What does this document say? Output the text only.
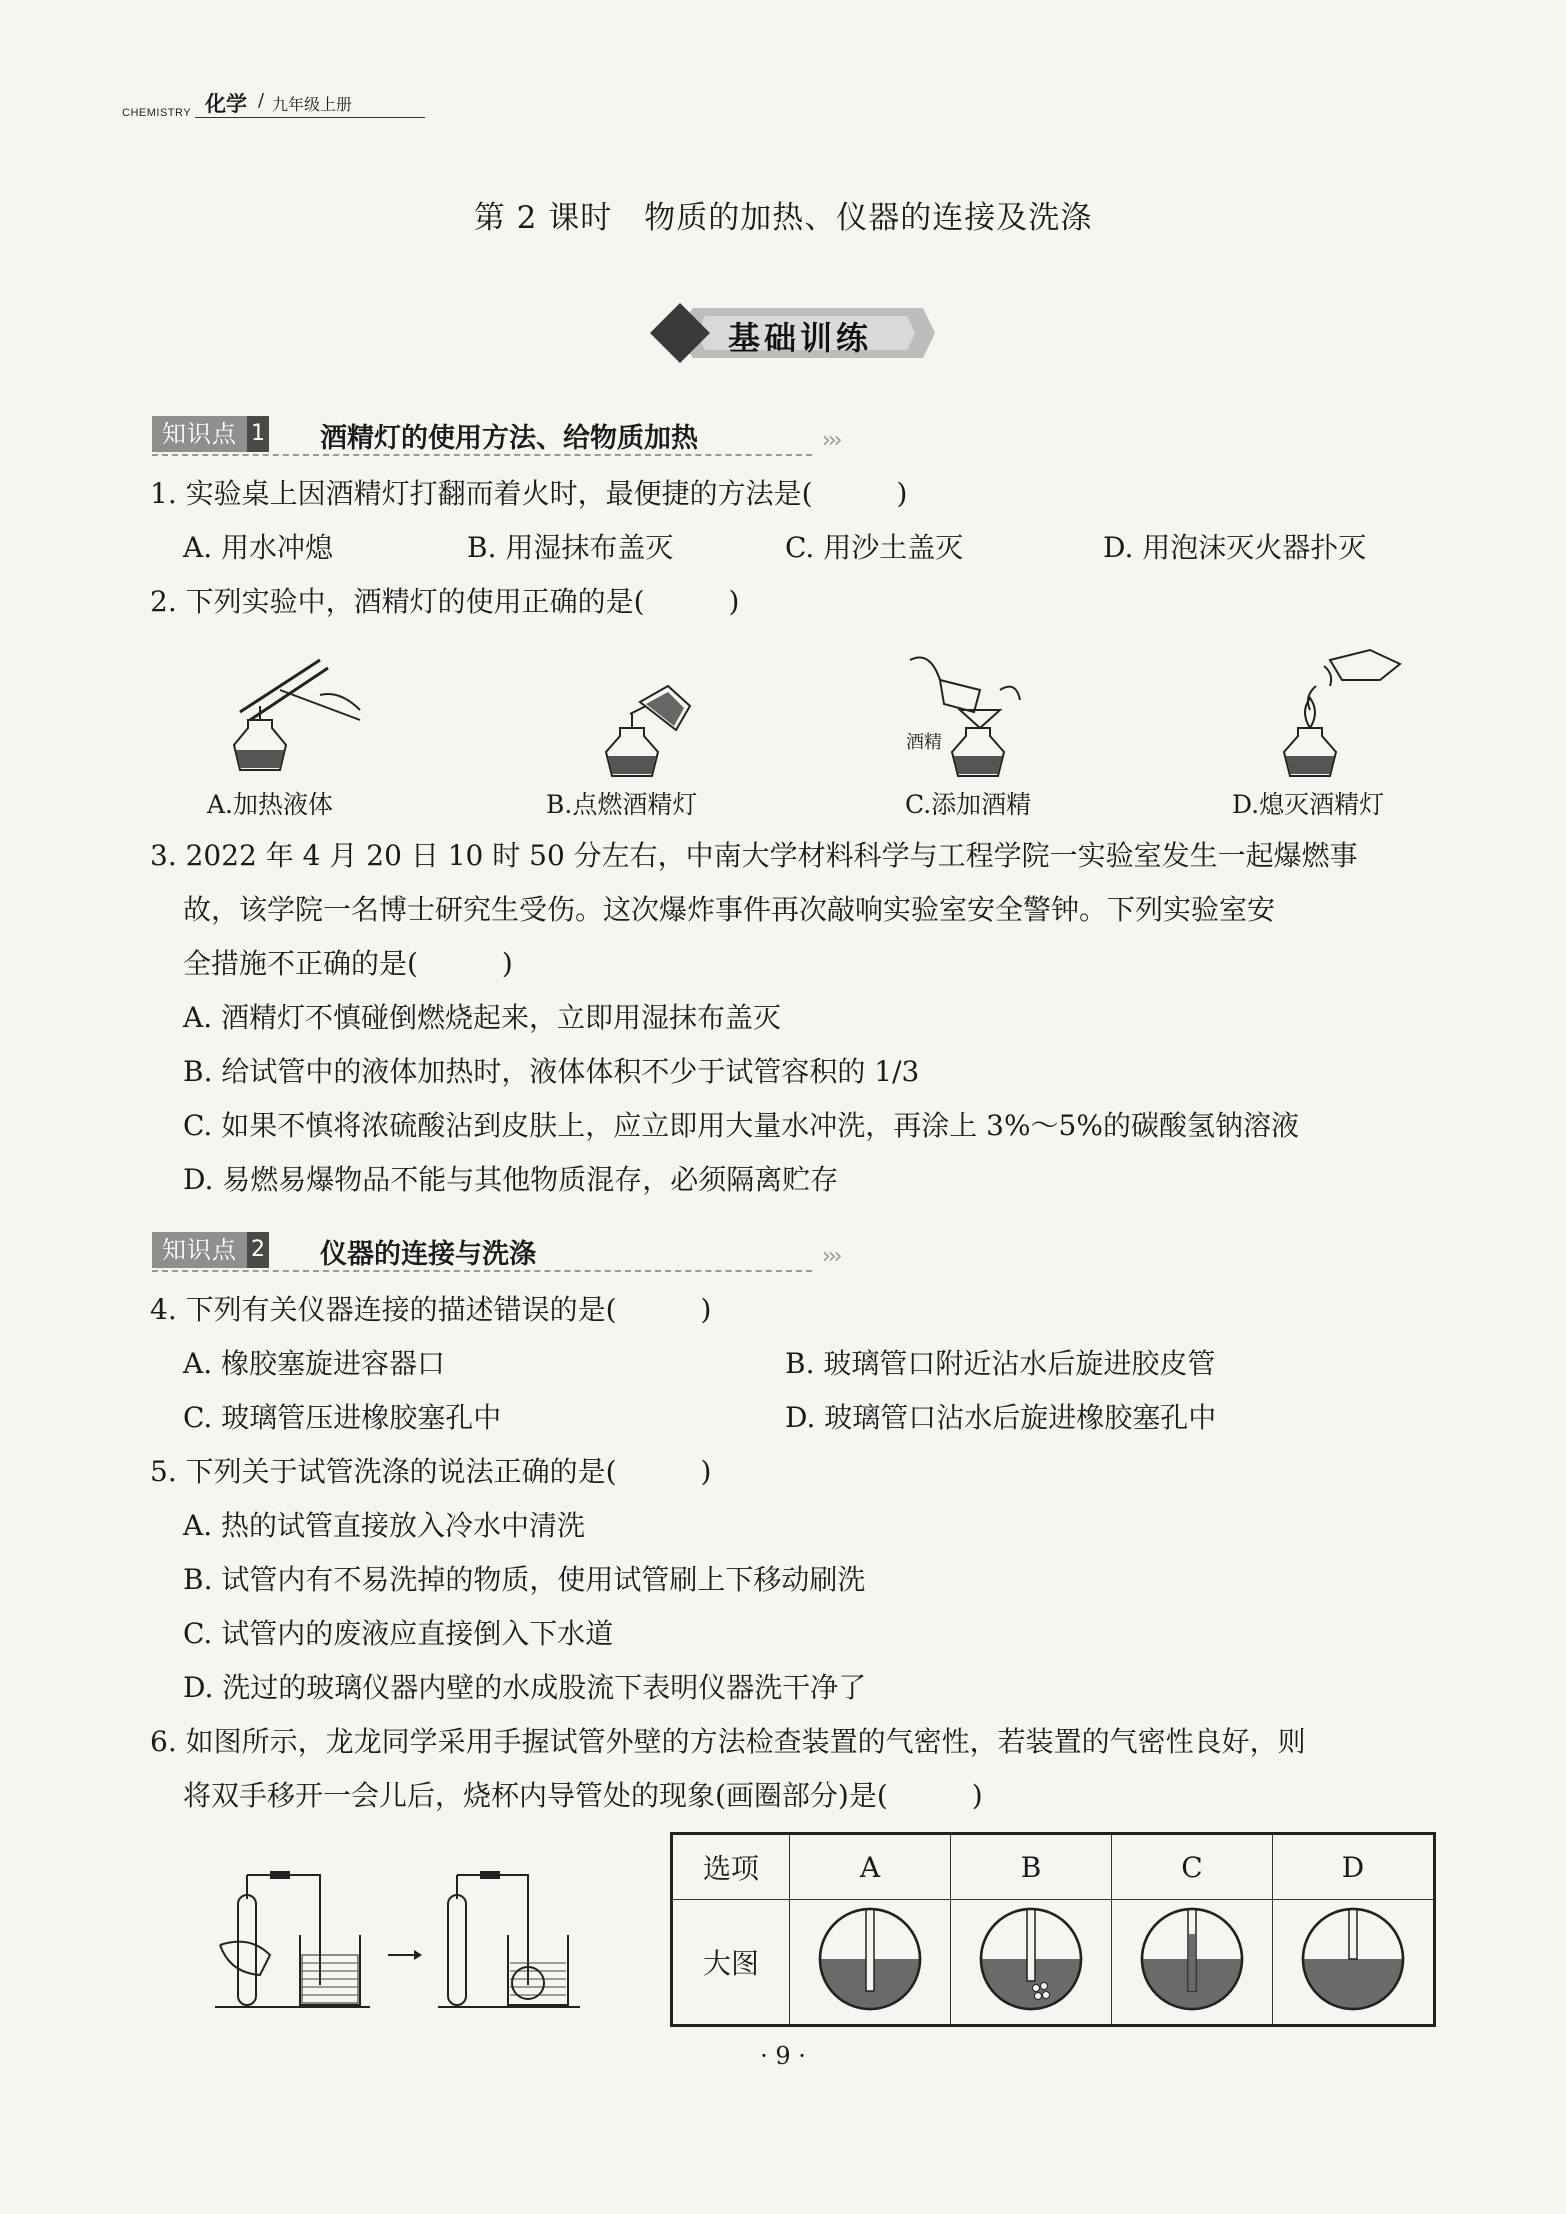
CHEMISTRY 化学 / 九年级上册
第 2 课时　物质的加热、仪器的连接及洗涤
基础训练
知识点 1 酒精灯的使用方法、给物质加热	›››
1. 实验桌上因酒精灯打翻而着火时，最便捷的方法是(　　　)
A. 用水冲熄	B. 用湿抹布盖灭	C. 用沙土盖灭	D. 用泡沫灭火器扑灭
2. 下列实验中，酒精灯的使用正确的是(　　　)
酒精
A.加热液体	B.点燃酒精灯	C.添加酒精	D.熄灭酒精灯
3. 2022 年 4 月 20 日 10 时 50 分左右，中南大学材料科学与工程学院一实验室发生一起爆燃事
故，该学院一名博士研究生受伤。这次爆炸事件再次敲响实验室安全警钟。下列实验室安
全措施不正确的是(　　　)
A. 酒精灯不慎碰倒燃烧起来，立即用湿抹布盖灭
B. 给试管中的液体加热时，液体体积不少于试管容积的 1/3
C. 如果不慎将浓硫酸沾到皮肤上，应立即用大量水冲洗，再涂上 3%～5%的碳酸氢钠溶液
D. 易燃易爆物品不能与其他物质混存，必须隔离贮存
知识点 2 仪器的连接与洗涤	›››
4. 下列有关仪器连接的描述错误的是(　　　)
A. 橡胶塞旋进容器口	B. 玻璃管口附近沾水后旋进胶皮管
C. 玻璃管压进橡胶塞孔中	D. 玻璃管口沾水后旋进橡胶塞孔中
5. 下列关于试管洗涤的说法正确的是(　　　)
A. 热的试管直接放入冷水中清洗
B. 试管内有不易洗掉的物质，使用试管刷上下移动刷洗
C. 试管内的废液应直接倒入下水道
D. 洗过的玻璃仪器内壁的水成股流下表明仪器洗干净了
6. 如图所示，龙龙同学采用手握试管外壁的方法检查装置的气密性，若装置的气密性良好，则
将双手移开一会儿后，烧杯内导管处的现象(画圈部分)是(　　　)
选项	A	B	C	D
大图				
· 9 ·
